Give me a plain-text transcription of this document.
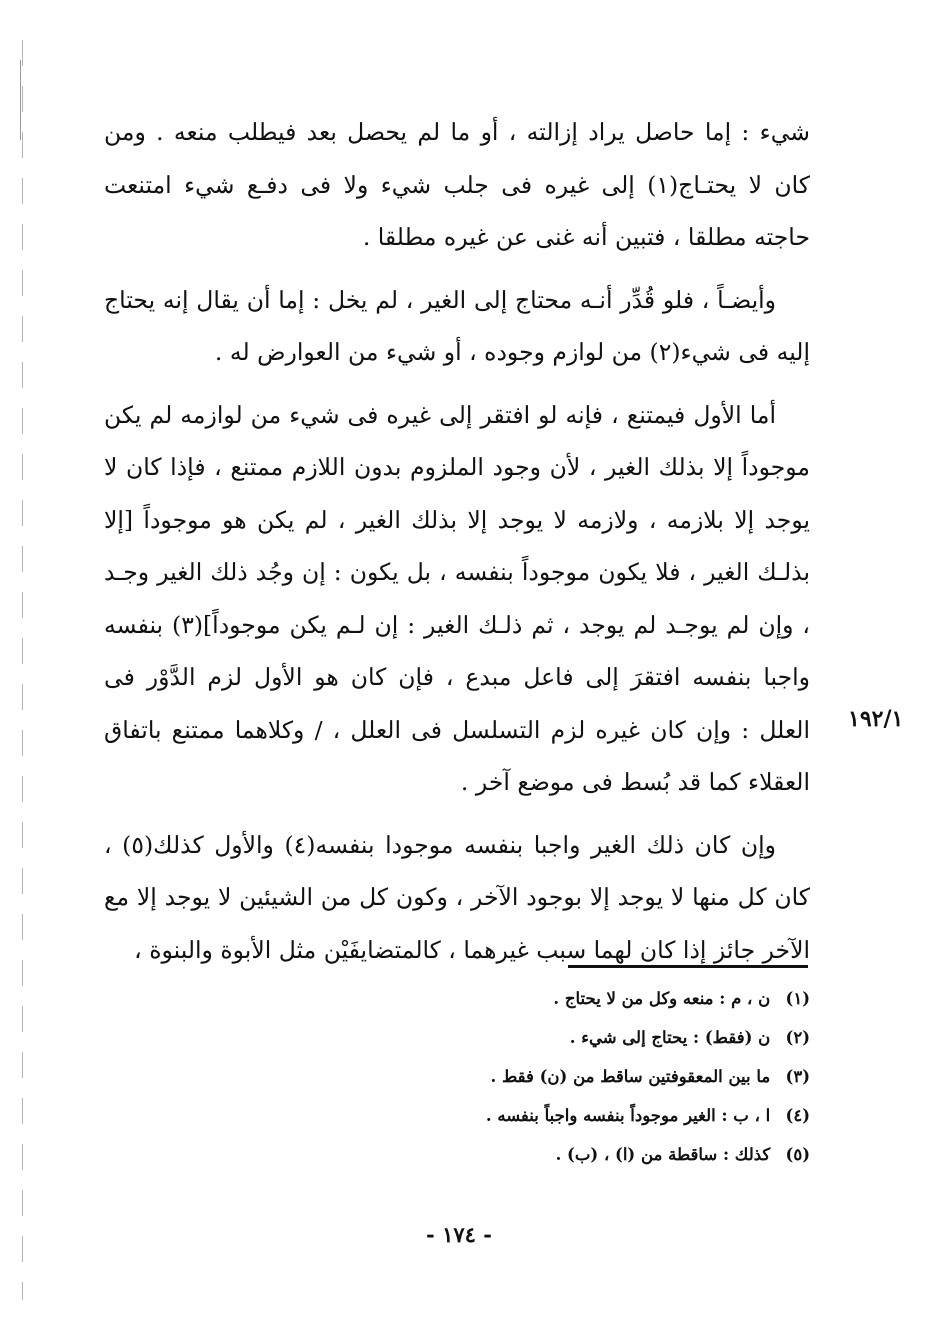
شيء : إما حاصل يراد إزالته ، أو ما لم يحصل بعد فيطلب منعه . ومن كان لا يحتـاج(١) إلى غيره فى جلب شيء ولا فى دفـع شيء امتنعت حاجته مطلقا ، فتبين أنه غنى عن غيره مطلقا .

وأيضـاً ، فلو قُدِّر أنـه محتاج إلى الغير ، لم يخل : إما أن يقال إنه يحتاج إليه فى شيء(٢) من لوازم وجوده ، أو شيء من العوارض له .

أما الأول فيمتنع ، فإنه لو افتقر إلى غيره فى شيء من لوازمه لم يكن موجوداً إلا بذلك الغير ، لأن وجود الملزوم بدون اللازم ممتنع ، فإذا كان لا يوجد إلا بلازمه ، ولازمه لا يوجد إلا بذلك الغير ، لم يكن هو موجوداً [إلا بذلـك الغير ، فلا يكون موجوداً بنفسه ، بل يكون : إن وجُد ذلك الغير وجـد ، وإن لم يوجـد لم يوجد ، ثم ذلـك الغير : إن لـم يكن موجوداً](٣) بنفسه واجبا بنفسه افتقرَ إلى فاعل مبدع ، فإن كان هو الأول لزم الدَّوْر فى العلل : وإن كان غيره لزم التسلسل فى العلل ، / وكلاهما ممتنع باتفاق العقلاء كما قد بُسط فى موضع آخر .

وإن كان ذلك الغير واجبا بنفسه موجودا بنفسه(٤) والأول كذلك(٥) ، كان كل منها لا يوجد إلا بوجود الآخر ، وكون كل من الشيئين لا يوجد إلا مع الآخر جائز إذا كان لهما سبب غيرهما ، كالمتضايفَيْن مثل الأبوة والبنوة ،

١٩٢/١
(١) ن ، م : منعه وكل من لا يحتاج .
(٢) ن (فقط) : يحتاج إلى شيء .
(٣) ما بين المعقوفتين ساقط من (ن) فقط .
(٤) ا ، ب : الغير موجوداً بنفسه واجباً بنفسه .
(٥) كذلك : ساقطة من (ا) ، (ب) .
- ١٧٤ -
